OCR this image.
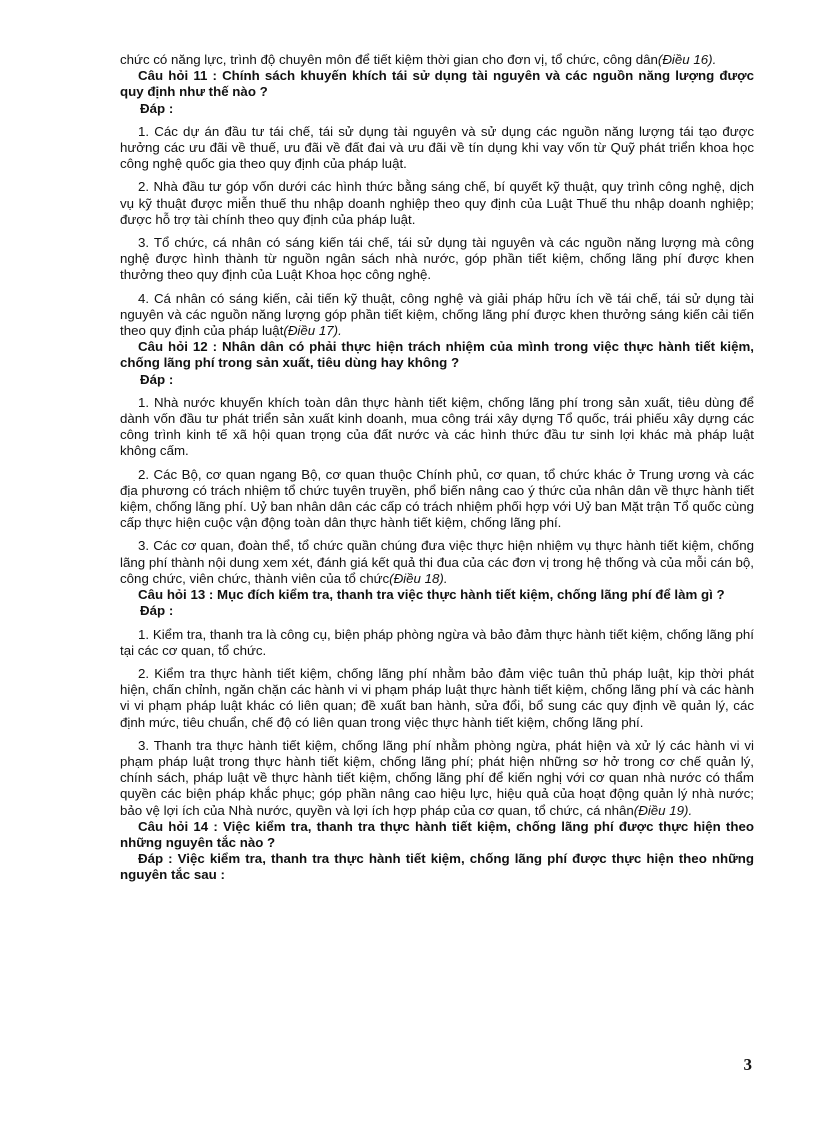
chức có năng lực, trình độ chuyên môn để tiết kiệm thời gian cho đơn vị, tổ chức, công dân(Điều 16).

Câu hỏi 11 : Chính sách khuyến khích tái sử dụng tài nguyên và các nguồn năng lượng được quy định như thế nào ?

Đáp :

1. Các dự án đầu tư tái chế, tái sử dụng tài nguyên và sử dụng các nguồn năng lượng tái tạo được hưởng các ưu đãi về thuế, ưu đãi về đất đai và ưu đãi về tín dụng khi vay vốn từ Quỹ phát triển khoa học công nghệ quốc gia theo quy định của pháp luật.

2. Nhà đầu tư góp vốn dưới các hình thức bằng sáng chế, bí quyết kỹ thuật, quy trình công nghệ, dịch vụ kỹ thuật được miễn thuế thu nhập doanh nghiệp theo quy định của Luật Thuế thu nhập doanh nghiệp; được hỗ trợ tài chính theo quy định của pháp luật.

3. Tổ chức, cá nhân có sáng kiến tái chế, tái sử dụng tài nguyên và các nguồn năng lượng mà công nghệ được hình thành từ nguồn ngân sách nhà nước, góp phần tiết kiệm, chống lãng phí được khen thưởng theo quy định của Luật Khoa học công nghệ.

4. Cá nhân có sáng kiến, cải tiến kỹ thuật, công nghệ và giải pháp hữu ích về tái chế, tái sử dụng tài nguyên và các nguồn năng lượng góp phần tiết kiệm, chống lãng phí được khen thưởng sáng kiến cải tiến theo quy định của pháp luật(Điều 17).

Câu hỏi 12 : Nhân dân có phải thực hiện trách nhiệm của mình trong việc thực hành tiết kiệm, chống lãng phí trong sản xuất, tiêu dùng hay không ?

Đáp :

1. Nhà nước khuyến khích toàn dân thực hành tiết kiệm, chống lãng phí trong sản xuất, tiêu dùng để dành vốn đầu tư phát triển sản xuất kinh doanh, mua công trái xây dựng Tổ quốc, trái phiếu xây dựng các công trình kinh tế xã hội quan trọng của đất nước và các hình thức đầu tư sinh lợi khác mà pháp luật không cấm.

2. Các Bộ, cơ quan ngang Bộ, cơ quan thuộc Chính phủ, cơ quan, tổ chức khác ở Trung ương và các địa phương có trách nhiệm tổ chức tuyên truyền, phổ biến nâng cao ý thức của nhân dân về thực hành tiết kiệm, chống lãng phí. Uỷ ban nhân dân các cấp có trách nhiệm phối hợp với Uỷ ban Mặt trận Tổ quốc cùng cấp thực hiện cuộc vận động toàn dân thực hành tiết kiệm, chống lãng phí.

3. Các cơ quan, đoàn thể, tổ chức quần chúng đưa việc thực hiện nhiệm vụ thực hành tiết kiệm, chống lãng phí thành nội dung xem xét, đánh giá kết quả thi đua của các đơn vị trong hệ thống và của mỗi cán bộ, công chức, viên chức, thành viên của tổ chức(Điều 18).

Câu hỏi 13 : Mục đích kiểm tra, thanh tra việc thực hành tiết kiệm, chống lãng phí để làm gì ?

Đáp :

1. Kiểm tra, thanh tra là công cụ, biện pháp phòng ngừa và bảo đảm thực hành tiết kiệm, chống lãng phí tại các cơ quan, tổ chức.

2. Kiểm tra thực hành tiết kiệm, chống lãng phí nhằm bảo đảm việc tuân thủ pháp luật, kịp thời phát hiện, chấn chỉnh, ngăn chặn các hành vi vi phạm pháp luật thực hành tiết kiệm, chống lãng phí và các hành vi vi phạm pháp luật khác có liên quan; đề xuất ban hành, sửa đổi, bổ sung các quy định về quản lý, các định mức, tiêu chuẩn, chế độ có liên quan trong việc thực hành tiết kiệm, chống lãng phí.

3. Thanh tra thực hành tiết kiệm, chống lãng phí nhằm phòng ngừa, phát hiện và xử lý các hành vi vi phạm pháp luật trong thực hành tiết kiệm, chống lãng phí; phát hiện những sơ hở trong cơ chế quản lý, chính sách, pháp luật về thực hành tiết kiệm, chống lãng phí để kiến nghị với cơ quan nhà nước có thẩm quyền các biện pháp khắc phục; góp phần nâng cao hiệu lực, hiệu quả của hoạt động quản lý nhà nước; bảo vệ lợi ích của Nhà nước, quyền và lợi ích hợp pháp của cơ quan, tổ chức, cá nhân(Điều 19).

Câu hỏi 14 : Việc kiểm tra, thanh tra thực hành tiết kiệm, chống lãng phí được thực hiện theo những nguyên tắc nào ?

Đáp : Việc kiểm tra, thanh tra thực hành tiết kiệm, chống lãng phí được thực hiện theo những nguyên tắc sau :

3
